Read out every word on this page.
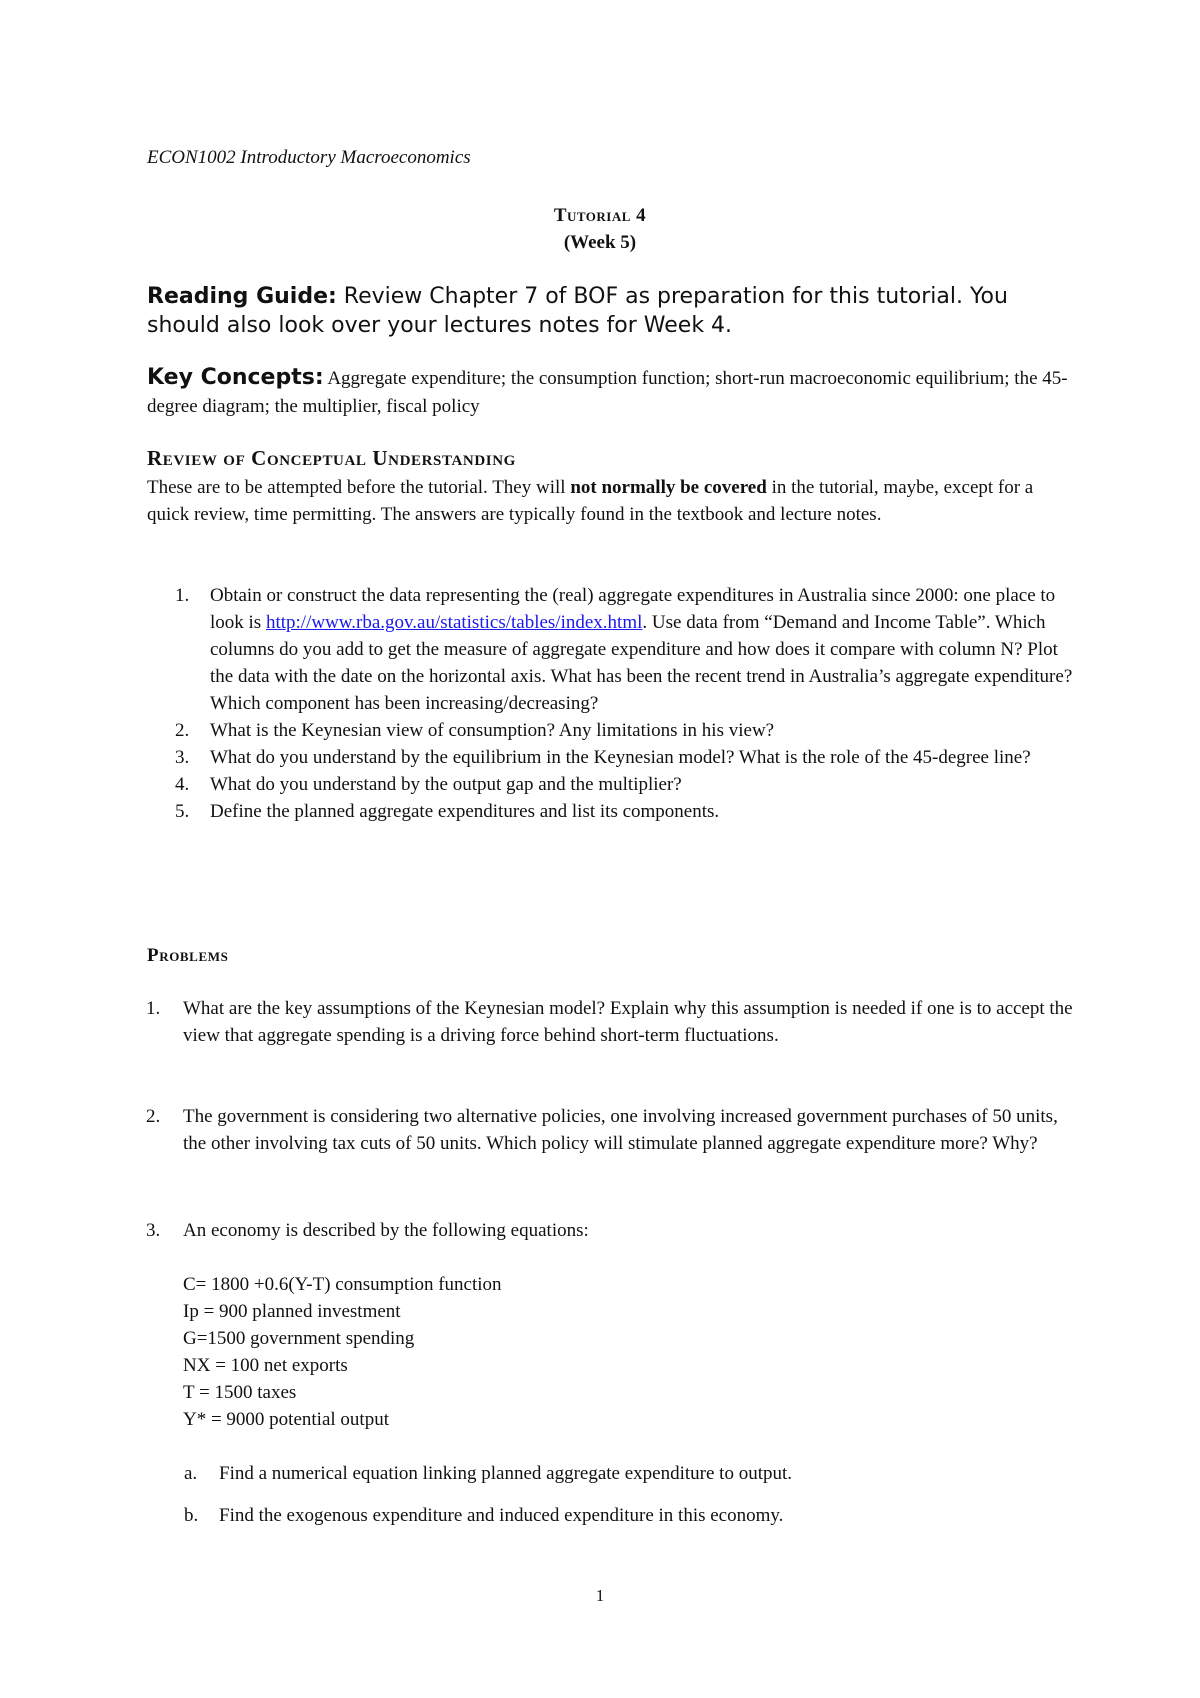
ECON1002 Introductory Macroeconomics
Tutorial 4
(Week 5)
Reading Guide: Review Chapter 7 of BOF as preparation for this tutorial. You should also look over your lectures notes for Week 4.
Key Concepts: Aggregate expenditure; the consumption function; short-run macroeconomic equilibrium; the 45-degree diagram; the multiplier, fiscal policy
Review of Conceptual Understanding
These are to be attempted before the tutorial. They will not normally be covered in the tutorial, maybe, except for a quick review, time permitting. The answers are typically found in the textbook and lecture notes.
1. Obtain or construct the data representing the (real) aggregate expenditures in Australia since 2000: one place to look is http://www.rba.gov.au/statistics/tables/index.html. Use data from “Demand and Income Table”. Which columns do you add to get the measure of aggregate expenditure and how does it compare with column N? Plot the data with the date on the horizontal axis. What has been the recent trend in Australia’s aggregate expenditure? Which component has been increasing/decreasing?
2. What is the Keynesian view of consumption? Any limitations in his view?
3. What do you understand by the equilibrium in the Keynesian model? What is the role of the 45-degree line?
4. What do you understand by the output gap and the multiplier?
5. Define the planned aggregate expenditures and list its components.
Problems
1. What are the key assumptions of the Keynesian model? Explain why this assumption is needed if one is to accept the view that aggregate spending is a driving force behind short-term fluctuations.
2. The government is considering two alternative policies, one involving increased government purchases of 50 units, the other involving tax cuts of 50 units. Which policy will stimulate planned aggregate expenditure more? Why?
3. An economy is described by the following equations:
C= 1800 +0.6(Y-T) consumption function
Ip = 900 planned investment
G=1500 government spending
NX = 100 net exports
T = 1500 taxes
Y* = 9000 potential output
a. Find a numerical equation linking planned aggregate expenditure to output.
b. Find the exogenous expenditure and induced expenditure in this economy.
1
